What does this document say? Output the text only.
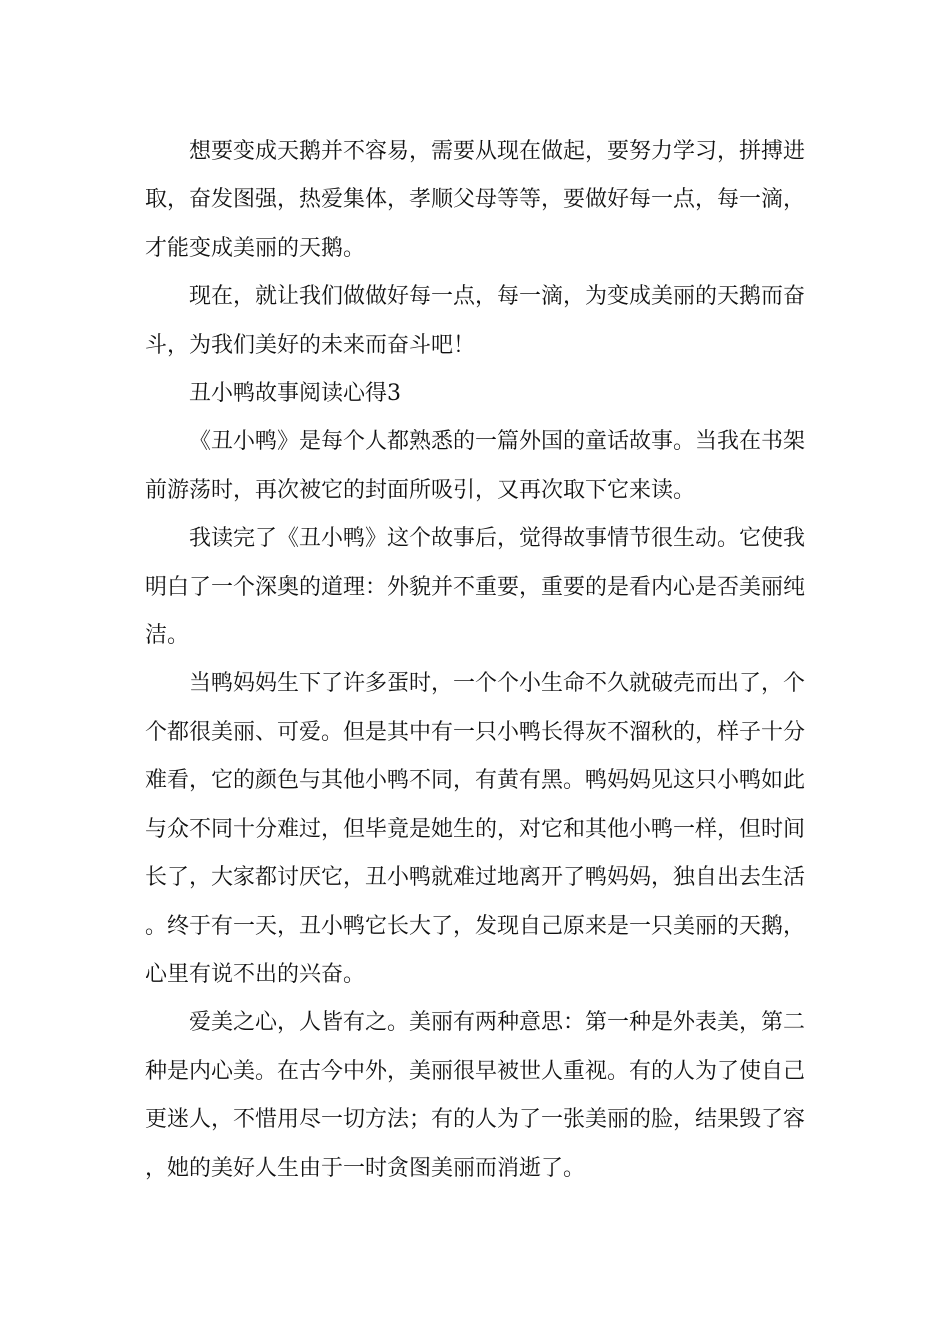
想要变成天鹅并不容易，需要从现在做起，要努力学习，拼搏进取，奋发图强，热爱集体，孝顺父母等等，要做好每一点，每一滴，才能变成美丽的天鹅。

现在，就让我们做做好每一点，每一滴，为变成美丽的天鹅而奋斗，为我们美好的未来而奋斗吧！

丑小鸭故事阅读心得3

《丑小鸭》是每个人都熟悉的一篇外国的童话故事。当我在书架前游荡时，再次被它的封面所吸引，又再次取下它来读。

我读完了《丑小鸭》这个故事后，觉得故事情节很生动。它使我明白了一个深奥的道理：外貌并不重要，重要的是看内心是否美丽纯洁。

当鸭妈妈生下了许多蛋时，一个个小生命不久就破壳而出了，个个都很美丽、可爱。但是其中有一只小鸭长得灰不溜秋的，样子十分难看，它的颜色与其他小鸭不同，有黄有黑。鸭妈妈见这只小鸭如此与众不同十分难过，但毕竟是她生的，对它和其他小鸭一样，但时间长了，大家都讨厌它，丑小鸭就难过地离开了鸭妈妈，独自出去生活。终于有一天，丑小鸭它长大了，发现自己原来是一只美丽的天鹅，心里有说不出的兴奋。

爱美之心，人皆有之。美丽有两种意思：第一种是外表美，第二种是内心美。在古今中外，美丽很早被世人重视。有的人为了使自己更迷人，不惜用尽一切方法；有的人为了一张美丽的脸，结果毁了容，她的美好人生由于一时贪图美丽而消逝了。
